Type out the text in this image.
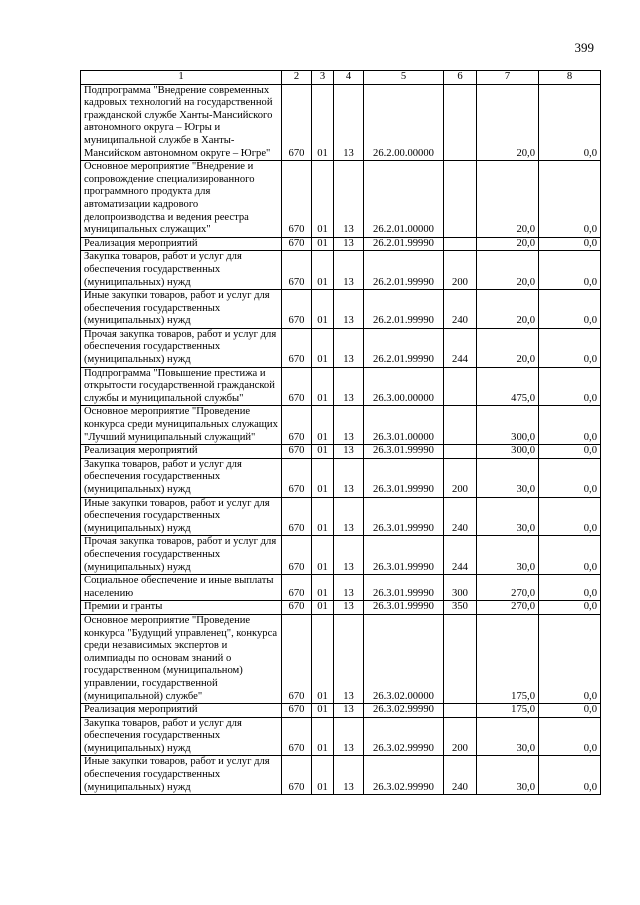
399
1	2	3	4	5	6	7	8
Подпрограмма "Внедрение современных кадровых технологий на государственной гражданской службе Ханты-Мансийского автономного округа – Югры и муниципальной службе в Ханты-Мансийском автономном округе – Югре"	670	01	13	26.2.00.00000		20,0	0,0
Основное мероприятие "Внедрение и сопровождение специализированного программного продукта для автоматизации кадрового делопроизводства и ведения реестра муниципальных служащих"	670	01	13	26.2.01.00000		20,0	0,0
Реализация мероприятий	670	01	13	26.2.01.99990		20,0	0,0
Закупка товаров, работ и услуг для обеспечения государственных (муниципальных) нужд	670	01	13	26.2.01.99990	200	20,0	0,0
Иные закупки товаров, работ и услуг для обеспечения государственных (муниципальных) нужд	670	01	13	26.2.01.99990	240	20,0	0,0
Прочая закупка товаров, работ и услуг для обеспечения государственных (муниципальных) нужд	670	01	13	26.2.01.99990	244	20,0	0,0
Подпрограмма "Повышение престижа и открытости государственной гражданской службы и муниципальной службы"	670	01	13	26.3.00.00000		475,0	0,0
Основное мероприятие "Проведение конкурса среди муниципальных служащих "Лучший муниципальный служащий"	670	01	13	26.3.01.00000		300,0	0,0
Реализация мероприятий	670	01	13	26.3.01.99990		300,0	0,0
Закупка товаров, работ и услуг для обеспечения государственных (муниципальных) нужд	670	01	13	26.3.01.99990	200	30,0	0,0
Иные закупки товаров, работ и услуг для обеспечения государственных (муниципальных) нужд	670	01	13	26.3.01.99990	240	30,0	0,0
Прочая закупка товаров, работ и услуг для обеспечения государственных (муниципальных) нужд	670	01	13	26.3.01.99990	244	30,0	0,0
Социальное обеспечение и иные выплаты населению	670	01	13	26.3.01.99990	300	270,0	0,0
Премии и гранты	670	01	13	26.3.01.99990	350	270,0	0,0
Основное мероприятие "Проведение конкурса "Будущий управленец", конкурса среди независимых экспертов и олимпиады по основам знаний о государственном (муниципальном) управлении, государственной (муниципальной) службе"	670	01	13	26.3.02.00000		175,0	0,0
Реализация мероприятий	670	01	13	26.3.02.99990		175,0	0,0
Закупка товаров, работ и услуг для обеспечения государственных (муниципальных) нужд	670	01	13	26.3.02.99990	200	30,0	0,0
Иные закупки товаров, работ и услуг для обеспечения государственных (муниципальных) нужд	670	01	13	26.3.02.99990	240	30,0	0,0
